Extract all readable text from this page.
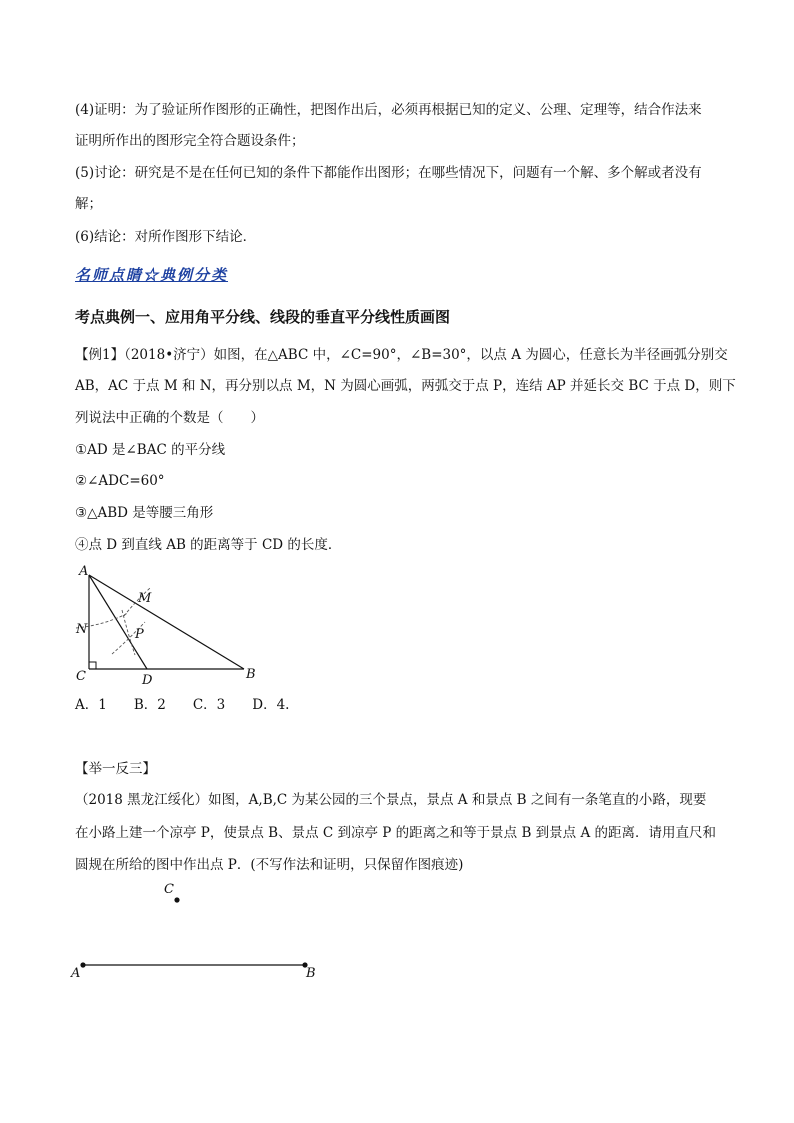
(4)证明：为了验证所作图形的正确性，把图作出后，必须再根据已知的定义、公理、定理等，结合作法来
证明所作出的图形完全符合题设条件；
(5)讨论：研究是不是在任何已知的条件下都能作出图形；在哪些情况下，问题有一个解、多个解或者没有
解；
(6)结论：对所作图形下结论．
名师点睛☆典例分类
考点典例一、应用角平分线、线段的垂直平分线性质画图
【例1】（2018•济宁）如图，在△ABC 中，∠C=90°，∠B=30°，以点 A 为圆心，任意长为半径画弧分别交
AB，AC 于点 M 和 N，再分别以点 M，N 为圆心画弧，两弧交于点 P，连结 AP 并延长交 BC 于点 D，则下
列说法中正确的个数是（　　）
①AD 是∠BAC 的平分线
②∠ADC=60°
③△ABD 是等腰三角形
④点 D 到直线 AB 的距离等于 CD 的长度．
A
M
N	P
C	D	B
A．1　　B．2　　C．3　　D．4.
【举一反三】
（2018 黑龙江绥化）如图，A,B,C 为某公园的三个景点，景点 A 和景点 B 之间有一条笔直的小路，现要
在小路上建一个凉亭 P，使景点 B、景点 C 到凉亭 P 的距离之和等于景点 B 到景点 A 的距离．请用直尺和
圆规在所给的图中作出点 P．(不写作法和证明，只保留作图痕迹)
C
A	B
